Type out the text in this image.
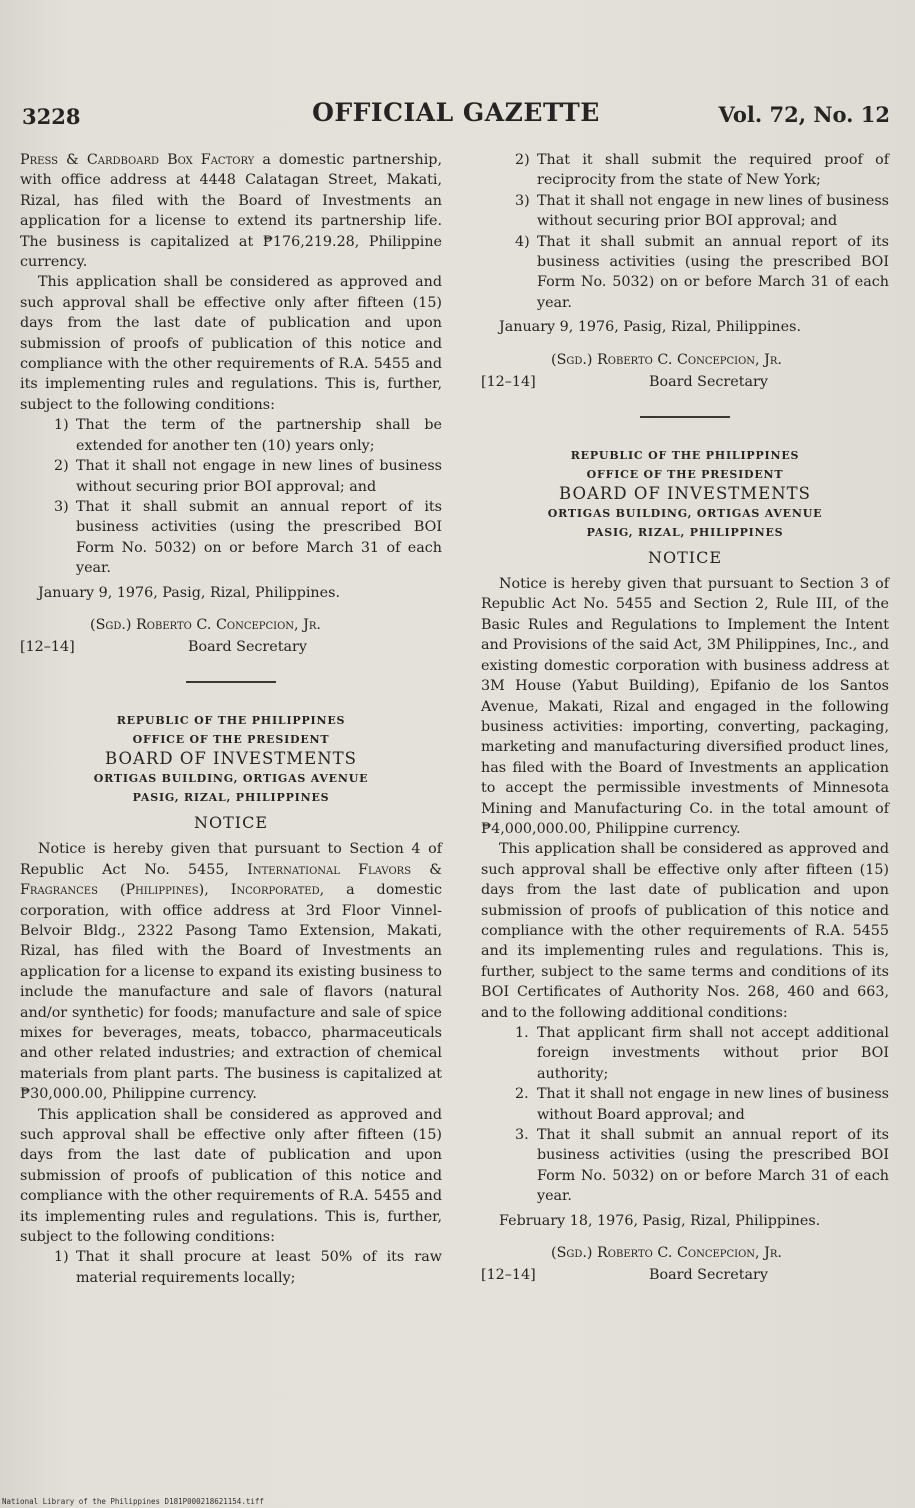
3228	OFFICIAL GAZETTE	Vol. 72, No. 12

Press & Cardboard Box Factory a domestic partnership, with office address at 4448 Calatagan Street, Makati, Rizal, has filed with the Board of Investments an application for a license to extend its partnership life. The business is capitalized at ₱176,219.28, Philippine currency.

This application shall be considered as approved and such approval shall be effective only after fifteen (15) days from the last date of publication and upon submission of proofs of publication of this notice and compliance with the other requirements of R.A. 5455 and its implementing rules and regulations. This is, further, subject to the following conditions:

1) That the term of the partnership shall be extended for another ten (10) years only;

2) That it shall not engage in new lines of business without securing prior BOI approval; and

3) That it shall submit an annual report of its business activities (using the prescribed BOI Form No. 5032) on or before March 31 of each year.

January 9, 1976, Pasig, Rizal, Philippines.

(Sgd.) Roberto C. Concepcion, Jr.
[12–14]	Board Secretary
REPUBLIC OF THE PHILIPPINES
OFFICE OF THE PRESIDENT
BOARD OF INVESTMENTS
ORTIGAS BUILDING, ORTIGAS AVENUE
PASIG, RIZAL, PHILIPPINES
NOTICE

Notice is hereby given that pursuant to Section 4 of Republic Act No. 5455, International Flavors & Fragrances (Philippines), Incorporated, a domestic corporation, with office address at 3rd Floor Vinnel-Belvoir Bldg., 2322 Pasong Tamo Extension, Makati, Rizal, has filed with the Board of Investments an application for a license to expand its existing business to include the manufacture and sale of flavors (natural and/or synthetic) for foods; manufacture and sale of spice mixes for beverages, meats, tobacco, pharmaceuticals and other related industries; and extraction of chemical materials from plant parts. The business is capitalized at ₱30,000.00, Philippine currency.

This application shall be considered as approved and such approval shall be effective only after fifteen (15) days from the last date of publication and upon submission of proofs of publication of this notice and compliance with the other requirements of R.A. 5455 and its implementing rules and regulations. This is, further, subject to the following conditions:

1) That it shall procure at least 50% of its raw material requirements locally;

2) That it shall submit the required proof of reciprocity from the state of New York;

3) That it shall not engage in new lines of business without securing prior BOI approval; and

4) That it shall submit an annual report of its business activities (using the prescribed BOI Form No. 5032) on or before March 31 of each year.

January 9, 1976, Pasig, Rizal, Philippines.

(Sgd.) Roberto C. Concepcion, Jr.
[12–14]	Board Secretary
REPUBLIC OF THE PHILIPPINES
OFFICE OF THE PRESIDENT
BOARD OF INVESTMENTS
ORTIGAS BUILDING, ORTIGAS AVENUE
PASIG, RIZAL, PHILIPPINES
NOTICE

Notice is hereby given that pursuant to Section 3 of Republic Act No. 5455 and Section 2, Rule III, of the Basic Rules and Regulations to Implement the Intent and Provisions of the said Act, 3M Philippines, Inc., and existing domestic corporation with business address at 3M House (Yabut Building), Epifanio de los Santos Avenue, Makati, Rizal and engaged in the following business activities: importing, converting, packaging, marketing and manufacturing diversified product lines, has filed with the Board of Investments an application to accept the permissible investments of Minnesota Mining and Manufacturing Co. in the total amount of ₱4,000,000.00, Philippine currency.

This application shall be considered as approved and such approval shall be effective only after fifteen (15) days from the last date of publication and upon submission of proofs of publication of this notice and compliance with the other requirements of R.A. 5455 and its implementing rules and regulations. This is, further, subject to the same terms and conditions of its BOI Certificates of Authority Nos. 268, 460 and 663, and to the following additional conditions:

1. That applicant firm shall not accept additional foreign investments without prior BOI authority;

2. That it shall not engage in new lines of business without Board approval; and

3. That it shall submit an annual report of its business activities (using the prescribed BOI Form No. 5032) on or before March 31 of each year.

February 18, 1976, Pasig, Rizal, Philippines.

(Sgd.) Roberto C. Concepcion, Jr.
[12–14]	Board Secretary
National Library of the Philippines D181P000218621154.tiff
